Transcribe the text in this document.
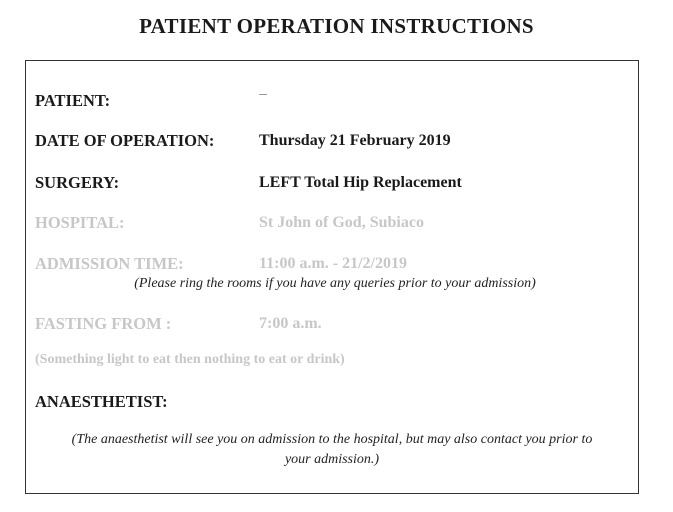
PATIENT OPERATION INSTRUCTIONS
PATIENT:
DATE OF OPERATION:	Thursday 21 February 2019
SURGERY:	LEFT Total Hip Replacement
HOSPITAL:	St John of God, Subiaco
ADMISSION TIME:	11:00 a.m. - 21/2/2019
(Please ring the rooms if you have any queries prior to your admission)
FASTING FROM :	7:00 a.m.
(Something light to eat then nothing to eat or drink)
ANAESTHETIST:
(The anaesthetist will see you on admission to the hospital, but may also contact you prior to
your admission.)
